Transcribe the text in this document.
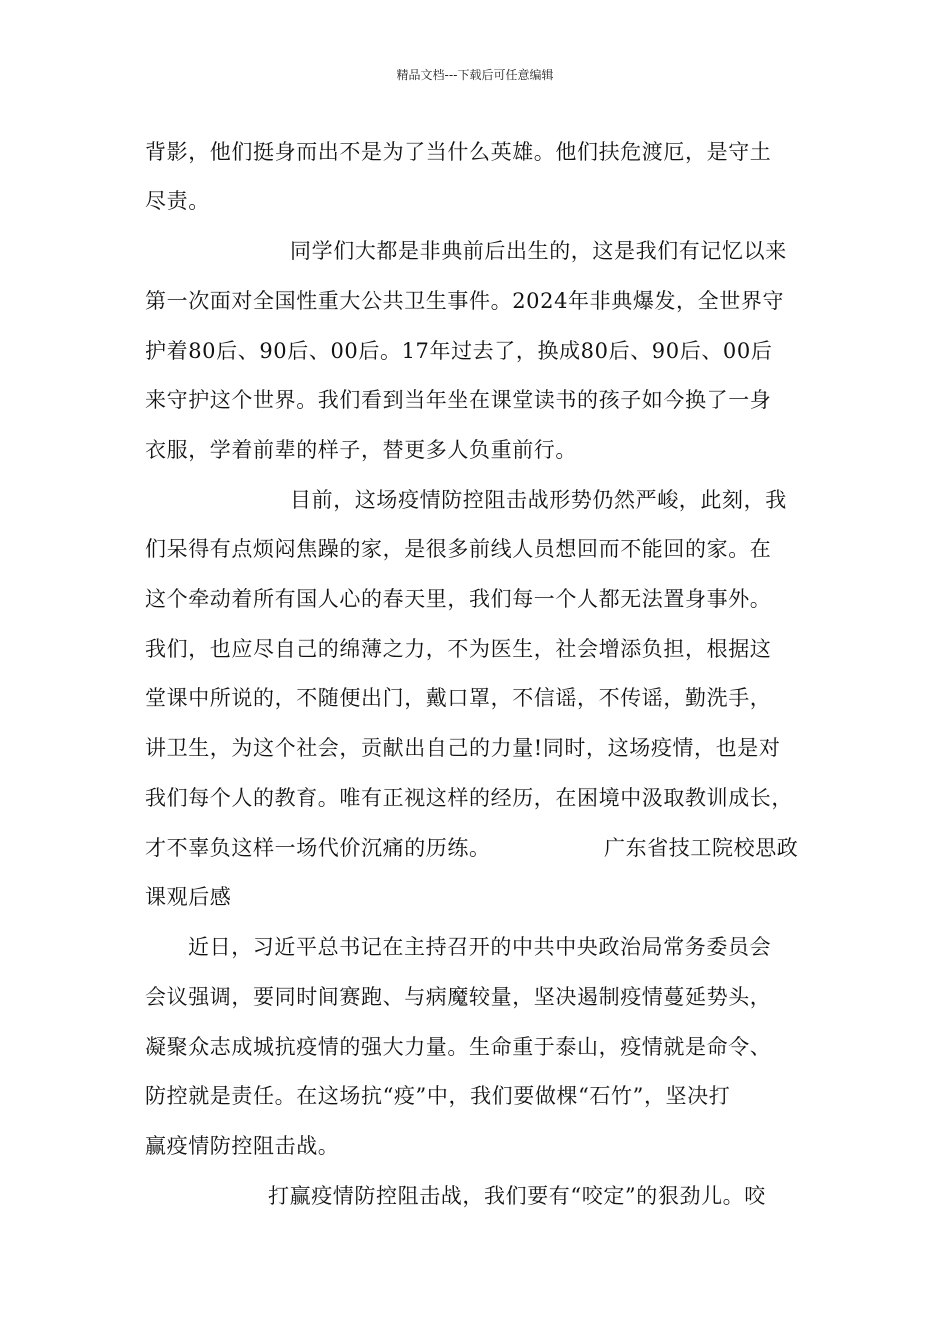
精品文档---下载后可任意编辑
背影，他们挺身而出不是为了当什么英雄。他们扶危渡厄，是守土
尽责。
同学们大都是非典前后出生的，这是我们有记忆以来
第一次面对全国性重大公共卫生事件。2024年非典爆发，全世界守
护着80后、90后、00后。17年过去了，换成80后、90后、00后
来守护这个世界。我们看到当年坐在课堂读书的孩子如今换了一身
衣服，学着前辈的样子，替更多人负重前行。
目前，这场疫情防控阻击战形势仍然严峻，此刻，我
们呆得有点烦闷焦躁的家，是很多前线人员想回而不能回的家。在
这个牵动着所有国人心的春天里，我们每一个人都无法置身事外。
我们，也应尽自己的绵薄之力，不为医生，社会增添负担，根据这
堂课中所说的，不随便出门，戴口罩，不信谣，不传谣，勤洗手，
讲卫生，为这个社会，贡献出自己的力量!同时，这场疫情，也是对
我们每个人的教育。唯有正视这样的经历，在困境中汲取教训成长，
才不辜负这样一场代价沉痛的历练。	广东省技工院校思政
课观后感
近日，习近平总书记在主持召开的中共中央政治局常务委员会
会议强调，要同时间赛跑、与病魔较量，坚决遏制疫情蔓延势头，
凝聚众志成城抗疫情的强大力量。生命重于泰山，疫情就是命令、
防控就是责任。在这场抗“疫”中，我们要做棵“石竹”，坚决打
赢疫情防控阻击战。
打赢疫情防控阻击战，我们要有“咬定”的狠劲儿。咬
